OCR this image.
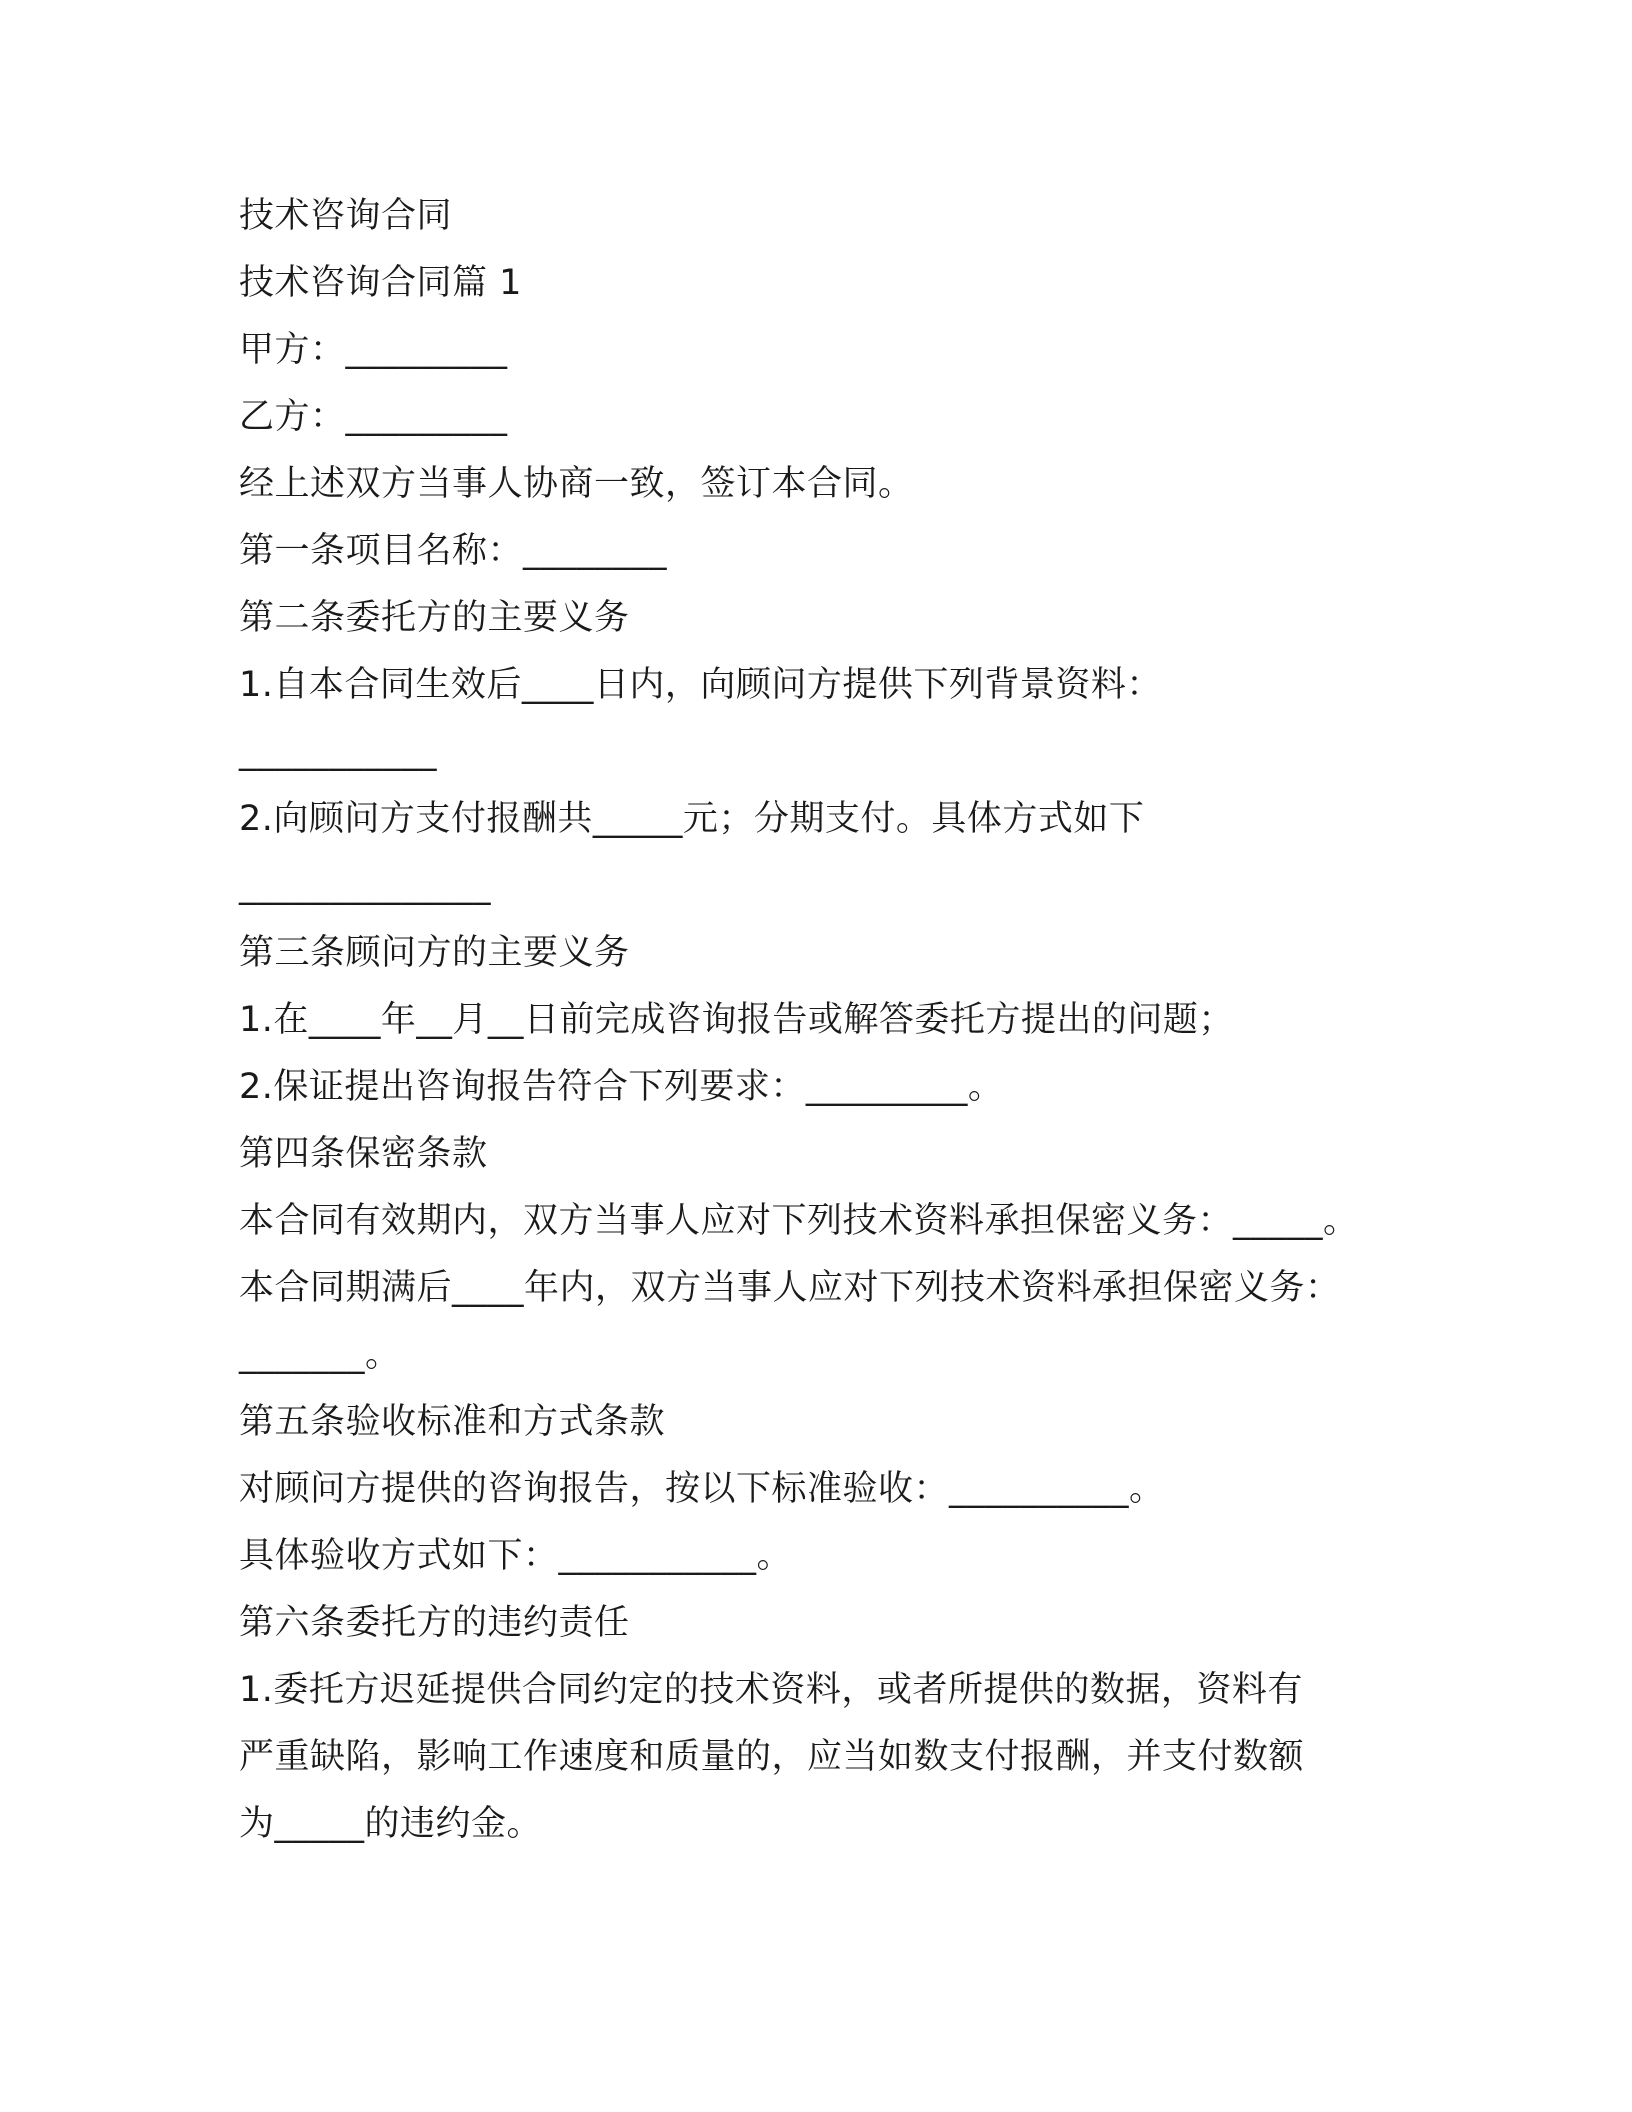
技术咨询合同

技术咨询合同篇 1

甲方：_________

乙方：_________

经上述双方当事人协商一致，签订本合同。

第一条项目名称：________

第二条委托方的主要义务

1.自本合同生效后____日内，向顾问方提供下列背景资料：

___________

2.向顾问方支付报酬共_____元；分期支付。具体方式如下

______________

第三条顾问方的主要义务

1.在____年__月__日前完成咨询报告或解答委托方提出的问题；

2.保证提出咨询报告符合下列要求：_________。

第四条保密条款

本合同有效期内，双方当事人应对下列技术资料承担保密义务：_____。

本合同期满后____年内，双方当事人应对下列技术资料承担保密义务：

_______。

第五条验收标准和方式条款

对顾问方提供的咨询报告，按以下标准验收：__________。

具体验收方式如下：___________。

第六条委托方的违约责任

1.委托方迟延提供合同约定的技术资料，或者所提供的数据，资料有

严重缺陷，影响工作速度和质量的，应当如数支付报酬，并支付数额

为_____的违约金。
